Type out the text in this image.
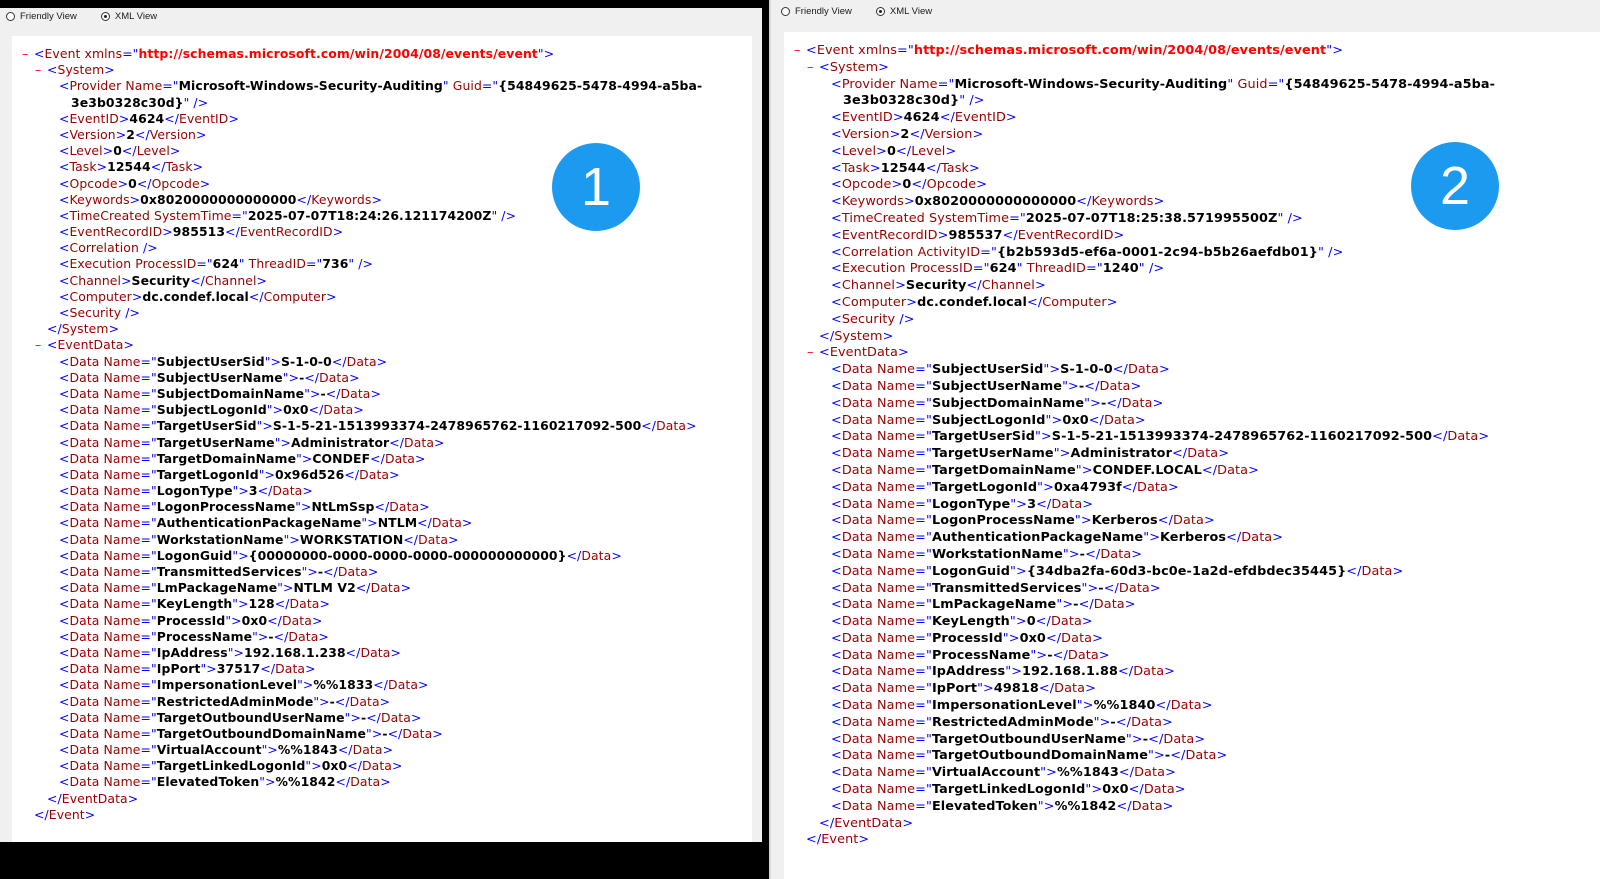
Friendly View	XML View
– <Event xmlns="http://schemas.microsoft.com/win/2004/08/events/event">
– <System>
<Provider Name="Microsoft-Windows-Security-Auditing" Guid="{54849625-5478-4994-a5ba-
3e3b0328c30d}" />
<EventID>4624</EventID>
<Version>2</Version>
<Level>0</Level>
<Task>12544</Task>
<Opcode>0</Opcode>
<Keywords>0x8020000000000000</Keywords>
<TimeCreated SystemTime="2025-07-07T18:24:26.121174200Z" />
<EventRecordID>985513</EventRecordID>
<Correlation />
<Execution ProcessID="624" ThreadID="736" />
<Channel>Security</Channel>
<Computer>dc.condef.local</Computer>
<Security />
</System>
– <EventData>
<Data Name="SubjectUserSid">S-1-0-0</Data>
<Data Name="SubjectUserName">-</Data>
<Data Name="SubjectDomainName">-</Data>
<Data Name="SubjectLogonId">0x0</Data>
<Data Name="TargetUserSid">S-1-5-21-1513993374-2478965762-1160217092-500</Data>
<Data Name="TargetUserName">Administrator</Data>
<Data Name="TargetDomainName">CONDEF</Data>
<Data Name="TargetLogonId">0x96d526</Data>
<Data Name="LogonType">3</Data>
<Data Name="LogonProcessName">NtLmSsp</Data>
<Data Name="AuthenticationPackageName">NTLM</Data>
<Data Name="WorkstationName">WORKSTATION</Data>
<Data Name="LogonGuid">{00000000-0000-0000-0000-000000000000}</Data>
<Data Name="TransmittedServices">-</Data>
<Data Name="LmPackageName">NTLM V2</Data>
<Data Name="KeyLength">128</Data>
<Data Name="ProcessId">0x0</Data>
<Data Name="ProcessName">-</Data>
<Data Name="IpAddress">192.168.1.238</Data>
<Data Name="IpPort">37517</Data>
<Data Name="ImpersonationLevel">%%1833</Data>
<Data Name="RestrictedAdminMode">-</Data>
<Data Name="TargetOutboundUserName">-</Data>
<Data Name="TargetOutboundDomainName">-</Data>
<Data Name="VirtualAccount">%%1843</Data>
<Data Name="TargetLinkedLogonId">0x0</Data>
<Data Name="ElevatedToken">%%1842</Data>
</EventData>
</Event>
1
Friendly View	XML View
– <Event xmlns="http://schemas.microsoft.com/win/2004/08/events/event">
– <System>
<Provider Name="Microsoft-Windows-Security-Auditing" Guid="{54849625-5478-4994-a5ba-
3e3b0328c30d}" />
<EventID>4624</EventID>
<Version>2</Version>
<Level>0</Level>
<Task>12544</Task>
<Opcode>0</Opcode>
<Keywords>0x8020000000000000</Keywords>
<TimeCreated SystemTime="2025-07-07T18:25:38.571995500Z" />
<EventRecordID>985537</EventRecordID>
<Correlation ActivityID="{b2b593d5-ef6a-0001-2c94-b5b26aefdb01}" />
<Execution ProcessID="624" ThreadID="1240" />
<Channel>Security</Channel>
<Computer>dc.condef.local</Computer>
<Security />
</System>
– <EventData>
<Data Name="SubjectUserSid">S-1-0-0</Data>
<Data Name="SubjectUserName">-</Data>
<Data Name="SubjectDomainName">-</Data>
<Data Name="SubjectLogonId">0x0</Data>
<Data Name="TargetUserSid">S-1-5-21-1513993374-2478965762-1160217092-500</Data>
<Data Name="TargetUserName">Administrator</Data>
<Data Name="TargetDomainName">CONDEF.LOCAL</Data>
<Data Name="TargetLogonId">0xa4793f</Data>
<Data Name="LogonType">3</Data>
<Data Name="LogonProcessName">Kerberos</Data>
<Data Name="AuthenticationPackageName">Kerberos</Data>
<Data Name="WorkstationName">-</Data>
<Data Name="LogonGuid">{34dba2fa-60d3-bc0e-1a2d-efdbdec35445}</Data>
<Data Name="TransmittedServices">-</Data>
<Data Name="LmPackageName">-</Data>
<Data Name="KeyLength">0</Data>
<Data Name="ProcessId">0x0</Data>
<Data Name="ProcessName">-</Data>
<Data Name="IpAddress">192.168.1.88</Data>
<Data Name="IpPort">49818</Data>
<Data Name="ImpersonationLevel">%%1840</Data>
<Data Name="RestrictedAdminMode">-</Data>
<Data Name="TargetOutboundUserName">-</Data>
<Data Name="TargetOutboundDomainName">-</Data>
<Data Name="VirtualAccount">%%1843</Data>
<Data Name="TargetLinkedLogonId">0x0</Data>
<Data Name="ElevatedToken">%%1842</Data>
</EventData>
</Event>
2
